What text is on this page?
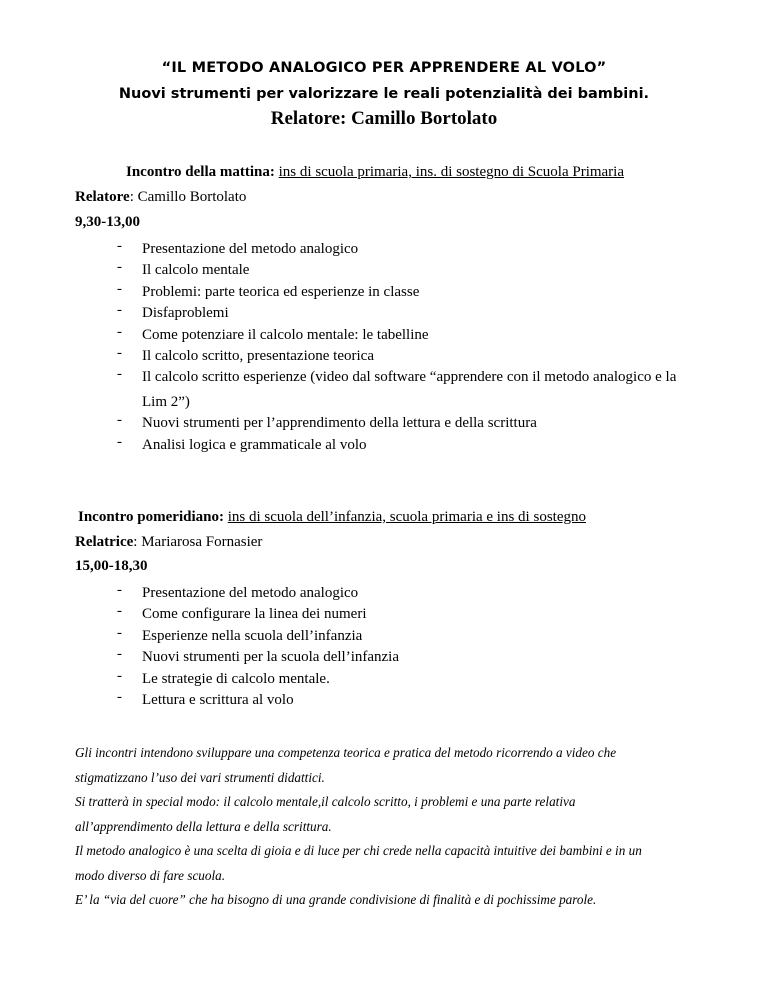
“IL METODO ANALOGICO PER APPRENDERE AL VOLO”
Nuovi strumenti per valorizzare le reali potenzialità dei bambini.
Relatore: Camillo Bortolato
Incontro della mattina: ins di scuola primaria, ins. di sostegno di Scuola Primaria
Relatore: Camillo Bortolato
9,30-13,00
- Presentazione del metodo analogico
- Il calcolo mentale
- Problemi: parte teorica ed esperienze in classe
- Disfaproblemi
- Come potenziare il calcolo mentale: le tabelline
- Il calcolo scritto, presentazione teorica
- Il calcolo scritto esperienze (video dal software “apprendere con il metodo analogico e la Lim 2”)
- Nuovi strumenti per l’apprendimento della lettura e della scrittura
- Analisi logica e grammaticale al volo
Incontro pomeridiano: ins di scuola dell’infanzia, scuola primaria e ins di sostegno
Relatrice: Mariarosa Fornasier
15,00-18,30
- Presentazione del metodo analogico
- Come configurare la linea dei numeri
- Esperienze nella scuola dell’infanzia
- Nuovi strumenti per la scuola dell’infanzia
- Le strategie di calcolo mentale.
- Lettura e scrittura al volo

Gli incontri intendono sviluppare una competenza teorica e pratica del metodo ricorrendo a video che

stigmatizzano l’uso dei vari strumenti didattici.

Si tratterà in special modo: il calcolo mentale,il calcolo scritto, i problemi e una parte relativa

all’apprendimento della lettura e della scrittura.

Il metodo analogico è una scelta di gioia e di luce per chi crede nella capacità intuitive dei bambini e in un

modo diverso di fare scuola.

E’ la “via del cuore” che ha bisogno di una grande condivisione di finalità e di pochissime parole.
